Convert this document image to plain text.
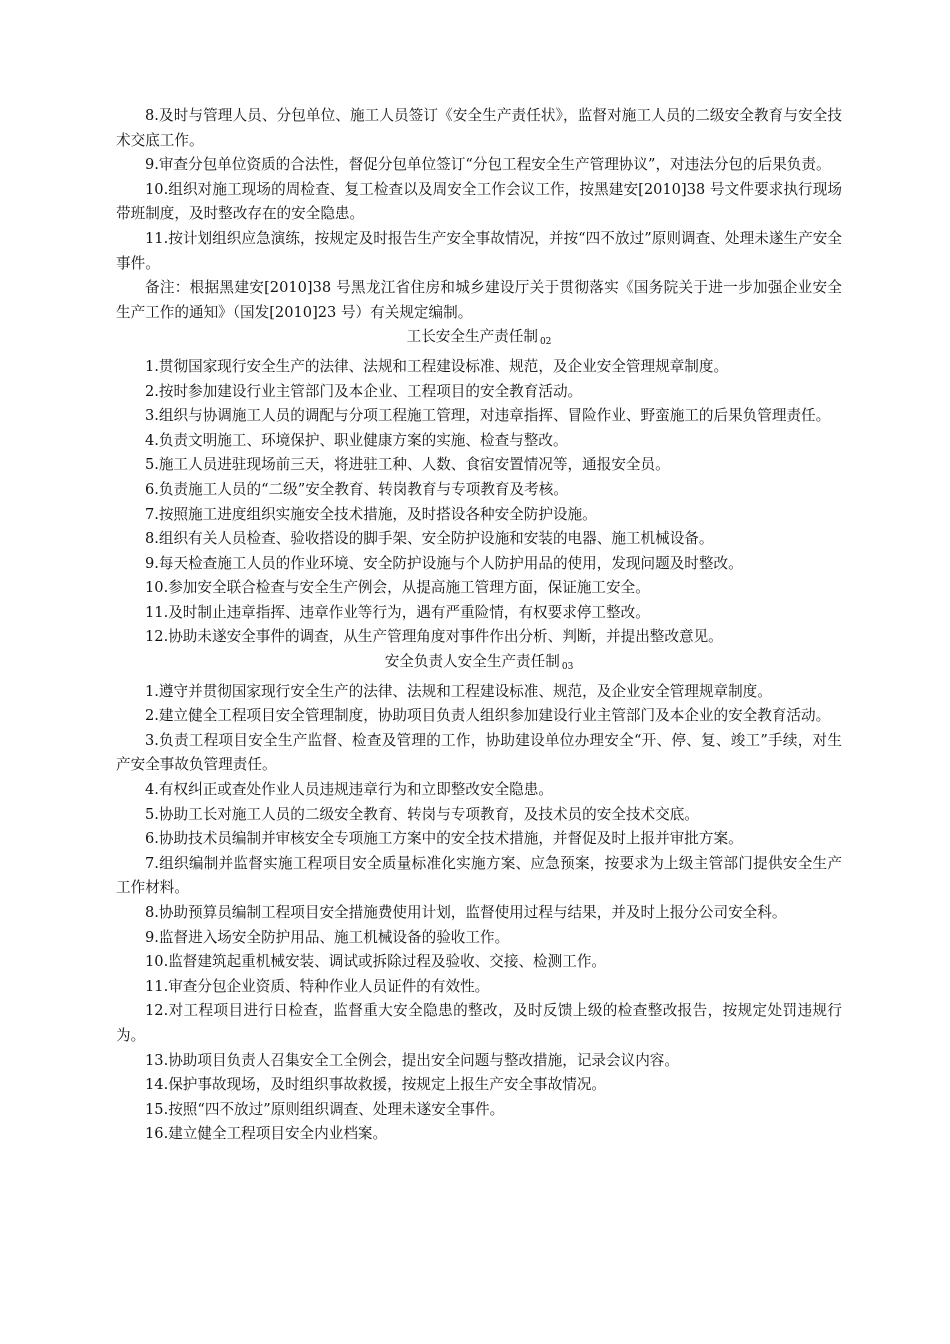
8.及时与管理人员、分包单位、施工人员签订《安全生产责任状》，监督对施工人员的二级安全教育与安全技术交底工作。

9.审查分包单位资质的合法性，督促分包单位签订“分包工程安全生产管理协议”，对违法分包的后果负责。

10.组织对施工现场的周检查、复工检查以及周安全工作会议工作，按黑建安[2010]38 号文件要求执行现场带班制度，及时整改存在的安全隐患。

11.按计划组织应急演练，按规定及时报告生产安全事故情况，并按“四不放过”原则调查、处理未遂生产安全事件。

备注：根据黑建安[2010]38 号黑龙江省住房和城乡建设厅关于贯彻落实《国务院关于进一步加强企业安全生产工作的通知》（国发[2010]23 号）有关规定编制。

工长安全生产责任制 $_{02}$

1.贯彻国家现行安全生产的法律、法规和工程建设标准、规范，及企业安全管理规章制度。

2.按时参加建设行业主管部门及本企业、工程项目的安全教育活动。

3.组织与协调施工人员的调配与分项工程施工管理，对违章指挥、冒险作业、野蛮施工的后果负管理责任。

4.负责文明施工、环境保护、职业健康方案的实施、检查与整改。

5.施工人员进驻现场前三天，将进驻工种、人数、食宿安置情况等，通报安全员。

6.负责施工人员的“二级”安全教育、转岗教育与专项教育及考核。

7.按照施工进度组织实施安全技术措施，及时搭设各种安全防护设施。

8.组织有关人员检查、验收搭设的脚手架、安全防护设施和安装的电器、施工机械设备。

9.每天检查施工人员的作业环境、安全防护设施与个人防护用品的使用，发现问题及时整改。

10.参加安全联合检查与安全生产例会，从提高施工管理方面，保证施工安全。

11.及时制止违章指挥、违章作业等行为，遇有严重险情，有权要求停工整改。

12.协助未遂安全事件的调查，从生产管理角度对事件作出分析、判断，并提出整改意见。

安全负责人安全生产责任制 $_{03}$

1.遵守并贯彻国家现行安全生产的法律、法规和工程建设标准、规范，及企业安全管理规章制度。

2.建立健全工程项目安全管理制度，协助项目负责人组织参加建设行业主管部门及本企业的安全教育活动。

3.负责工程项目安全生产监督、检查及管理的工作，协助建设单位办理安全“开、停、复、竣工”手续，对生产安全事故负管理责任。

4.有权纠正或查处作业人员违规违章行为和立即整改安全隐患。

5.协助工长对施工人员的二级安全教育、转岗与专项教育，及技术员的安全技术交底。

6.协助技术员编制并审核安全专项施工方案中的安全技术措施，并督促及时上报并审批方案。

7.组织编制并监督实施工程项目安全质量标准化实施方案、应急预案，按要求为上级主管部门提供安全生产工作材料。

8.协助预算员编制工程项目安全措施费使用计划，监督使用过程与结果，并及时上报分公司安全科。

9.监督进入场安全防护用品、施工机械设备的验收工作。

10.监督建筑起重机械安装、调试或拆除过程及验收、交接、检测工作。

11.审查分包企业资质、特种作业人员证件的有效性。

12.对工程项目进行日检查，监督重大安全隐患的整改，及时反馈上级的检查整改报告，按规定处罚违规行为。

13.协助项目负责人召集安全工全例会，提出安全问题与整改措施，记录会议内容。

14.保护事故现场，及时组织事故救援，按规定上报生产安全事故情况。

15.按照“四不放过”原则组织调查、处理未遂安全事件。

16.建立健全工程项目安全内业档案。
